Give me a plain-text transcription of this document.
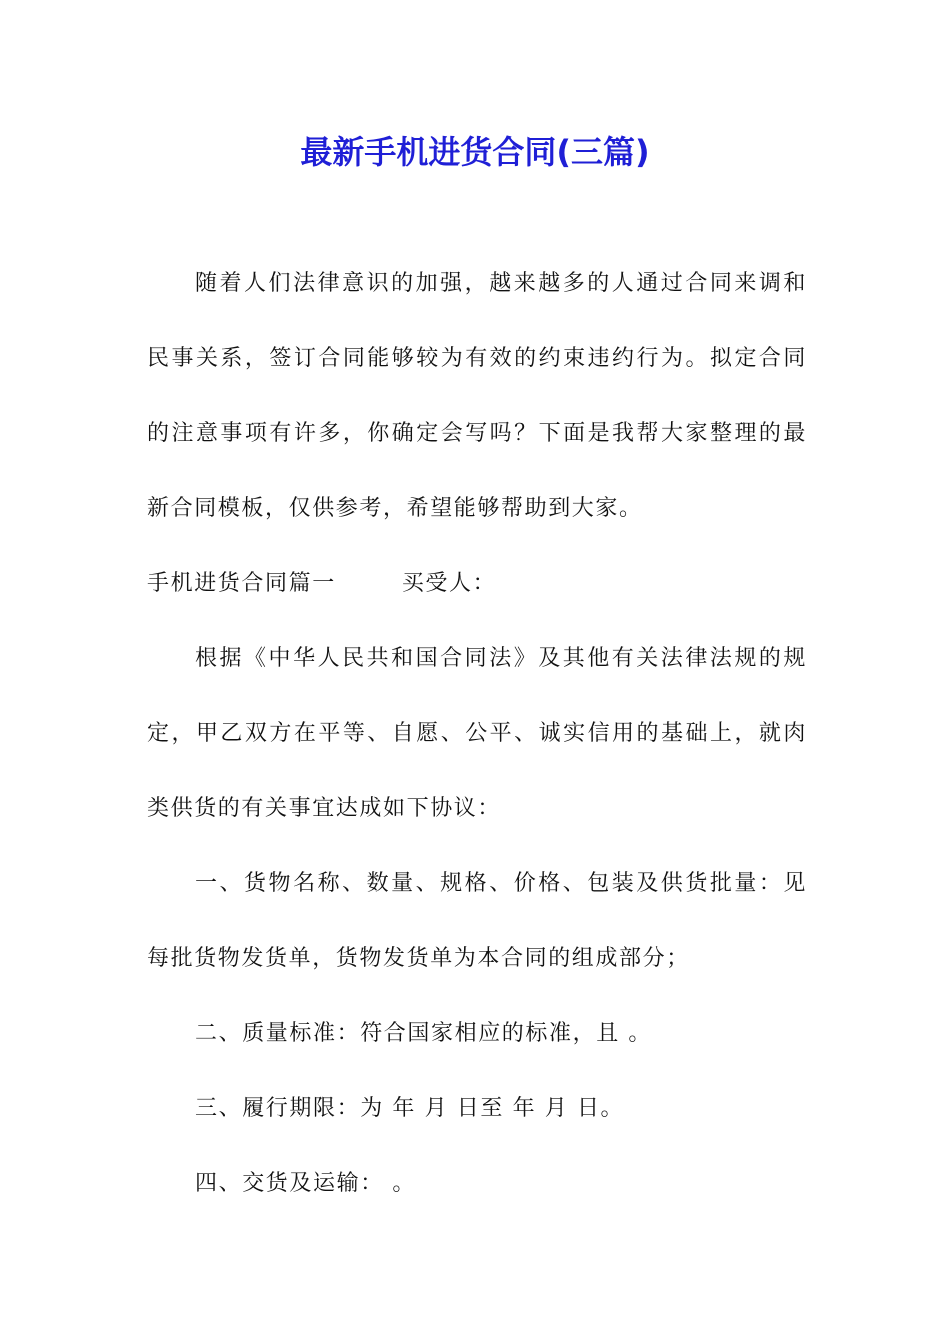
最新手机进货合同(三篇)

随着人们法律意识的加强，越来越多的人通过合同来调和民事关系，签订合同能够较为有效的约束违约行为。拟定合同的注意事项有许多，你确定会写吗？下面是我帮大家整理的最新合同模板，仅供参考，希望能够帮助到大家。

手机进货合同篇一	买受人：

根据《中华人民共和国合同法》及其他有关法律法规的规定，甲乙双方在平等、自愿、公平、诚实信用的基础上，就肉类供货的有关事宜达成如下协议：

一、货物名称、数量、规格、价格、包装及供货批量：见每批货物发货单，货物发货单为本合同的组成部分；

二、质量标准：符合国家相应的标准，且 。

三、履行期限：为 年 月 日至 年 月 日。

四、交货及运输： 。
